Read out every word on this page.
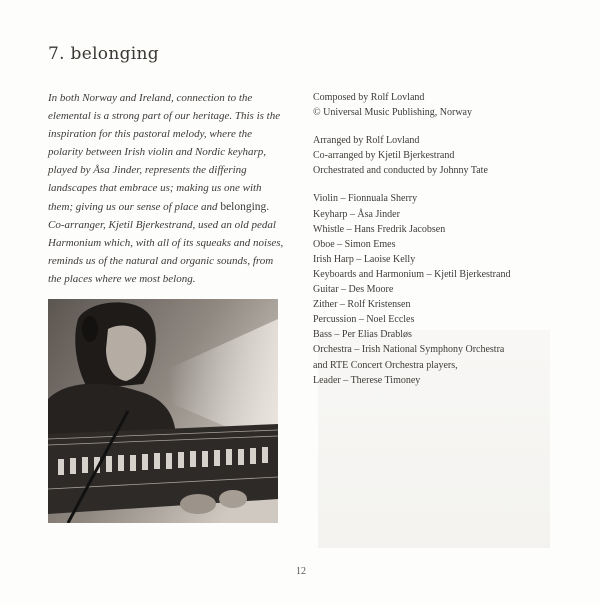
7. belonging
In both Norway and Ireland, connection to the elemental is a strong part of our heritage. This is the inspiration for this pastoral melody, where the polarity between Irish violin and Nordic keyharp, played by Åsa Jinder, represents the differing landscapes that embrace us; making us one with them; giving us our sense of place and belonging. Co-arranger, Kjetil Bjerkestrand, used an old pedal Harmonium which, with all of its squeaks and noises, reminds us of the natural and organic sounds, from the places where we most belong.
Composed by Rolf Lovland
© Universal Music Publishing, Norway
Arranged by Rolf Lovland
Co-arranged by Kjetil Bjerkestrand
Orchestrated and conducted by Johnny Tate
Violin – Fionnuala Sherry
Keyharp – Åsa Jinder
Whistle – Hans Fredrik Jacobsen
Oboe – Simon Emes
Irish Harp – Laoise Kelly
Keyboards and Harmonium – Kjetil Bjerkestrand
Guitar – Des Moore
Zither – Rolf Kristensen
Percussion – Noel Eccles
Bass – Per Elias Drabløs
Orchestra – Irish National Symphony Orchestra
and RTE Concert Orchestra players,
Leader – Therese Timoney
12
